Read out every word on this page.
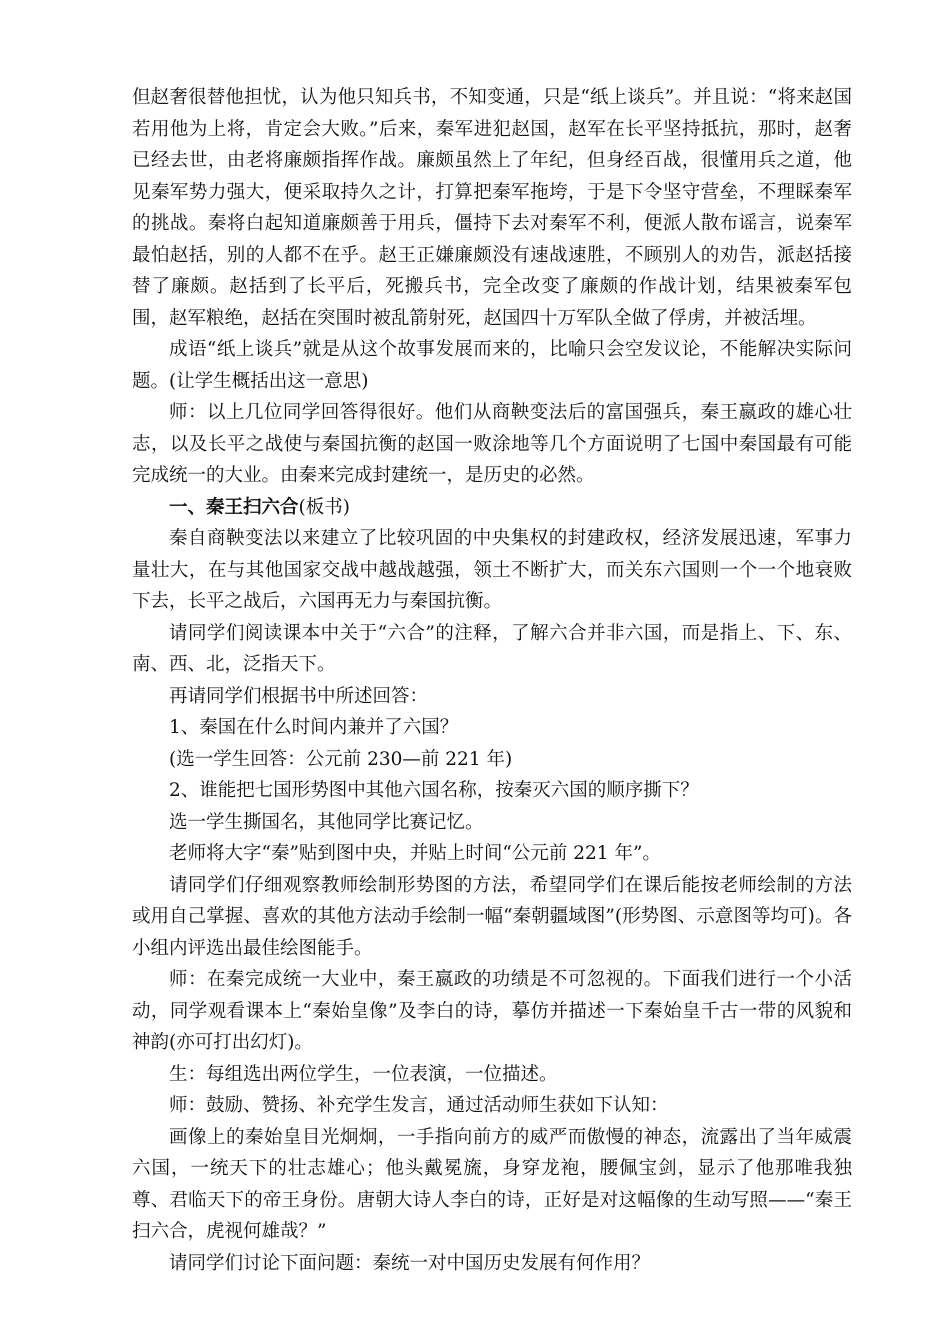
但赵奢很替他担忧，认为他只知兵书，不知变通，只是“纸上谈兵”。并且说：“将来赵国若用他为上将，肯定会大败。”后来，秦军进犯赵国，赵军在长平坚持抵抗，那时，赵奢已经去世，由老将廉颇指挥作战。廉颇虽然上了年纪，但身经百战，很懂用兵之道，他见秦军势力强大，便采取持久之计，打算把秦军拖垮，于是下令坚守营垒，不理睬秦军的挑战。秦将白起知道廉颇善于用兵，僵持下去对秦军不利，便派人散布谣言，说秦军最怕赵括，别的人都不在乎。赵王正嫌廉颇没有速战速胜，不顾别人的劝告，派赵括接替了廉颇。赵括到了长平后，死搬兵书，完全改变了廉颇的作战计划，结果被秦军包围，赵军粮绝，赵括在突围时被乱箭射死，赵国四十万军队全做了俘虏，并被活埋。

成语“纸上谈兵”就是从这个故事发展而来的，比喻只会空发议论，不能解决实际问题。(让学生概括出这一意思)

师：以上几位同学回答得很好。他们从商鞅变法后的富国强兵，秦王嬴政的雄心壮志，以及长平之战使与秦国抗衡的赵国一败涂地等几个方面说明了七国中秦国最有可能完成统一的大业。由秦来完成封建统一，是历史的必然。

一、秦王扫六合(板书)

秦自商鞅变法以来建立了比较巩固的中央集权的封建政权，经济发展迅速，军事力量壮大，在与其他国家交战中越战越强，领土不断扩大，而关东六国则一个一个地衰败下去，长平之战后，六国再无力与秦国抗衡。

请同学们阅读课本中关于“六合”的注释，了解六合并非六国，而是指上、下、东、南、西、北，泛指天下。

再请同学们根据书中所述回答：

1、秦国在什么时间内兼并了六国？

(选一学生回答：公元前 230—前 221 年)

2、谁能把七国形势图中其他六国名称，按秦灭六国的顺序撕下？

选一学生撕国名，其他同学比赛记忆。

老师将大字“秦”贴到图中央，并贴上时间“公元前 221 年”。

请同学们仔细观察教师绘制形势图的方法，希望同学们在课后能按老师绘制的方法或用自己掌握、喜欢的其他方法动手绘制一幅“秦朝疆域图”(形势图、示意图等均可)。各小组内评选出最佳绘图能手。

师：在秦完成统一大业中，秦王嬴政的功绩是不可忽视的。下面我们进行一个小活动，同学观看课本上“秦始皇像”及李白的诗，摹仿并描述一下秦始皇千古一带的风貌和神韵(亦可打出幻灯)。

生：每组选出两位学生，一位表演，一位描述。

师：鼓励、赞扬、补充学生发言，通过活动师生获如下认知：

画像上的秦始皇目光炯炯，一手指向前方的威严而傲慢的神态，流露出了当年威震六国，一统天下的壮志雄心；他头戴冕旒，身穿龙袍，腰佩宝剑，显示了他那唯我独尊、君临天下的帝王身份。唐朝大诗人李白的诗，正好是对这幅像的生动写照——“秦王扫六合，虎视何雄哉？”

请同学们讨论下面问题：秦统一对中国历史发展有何作用？
